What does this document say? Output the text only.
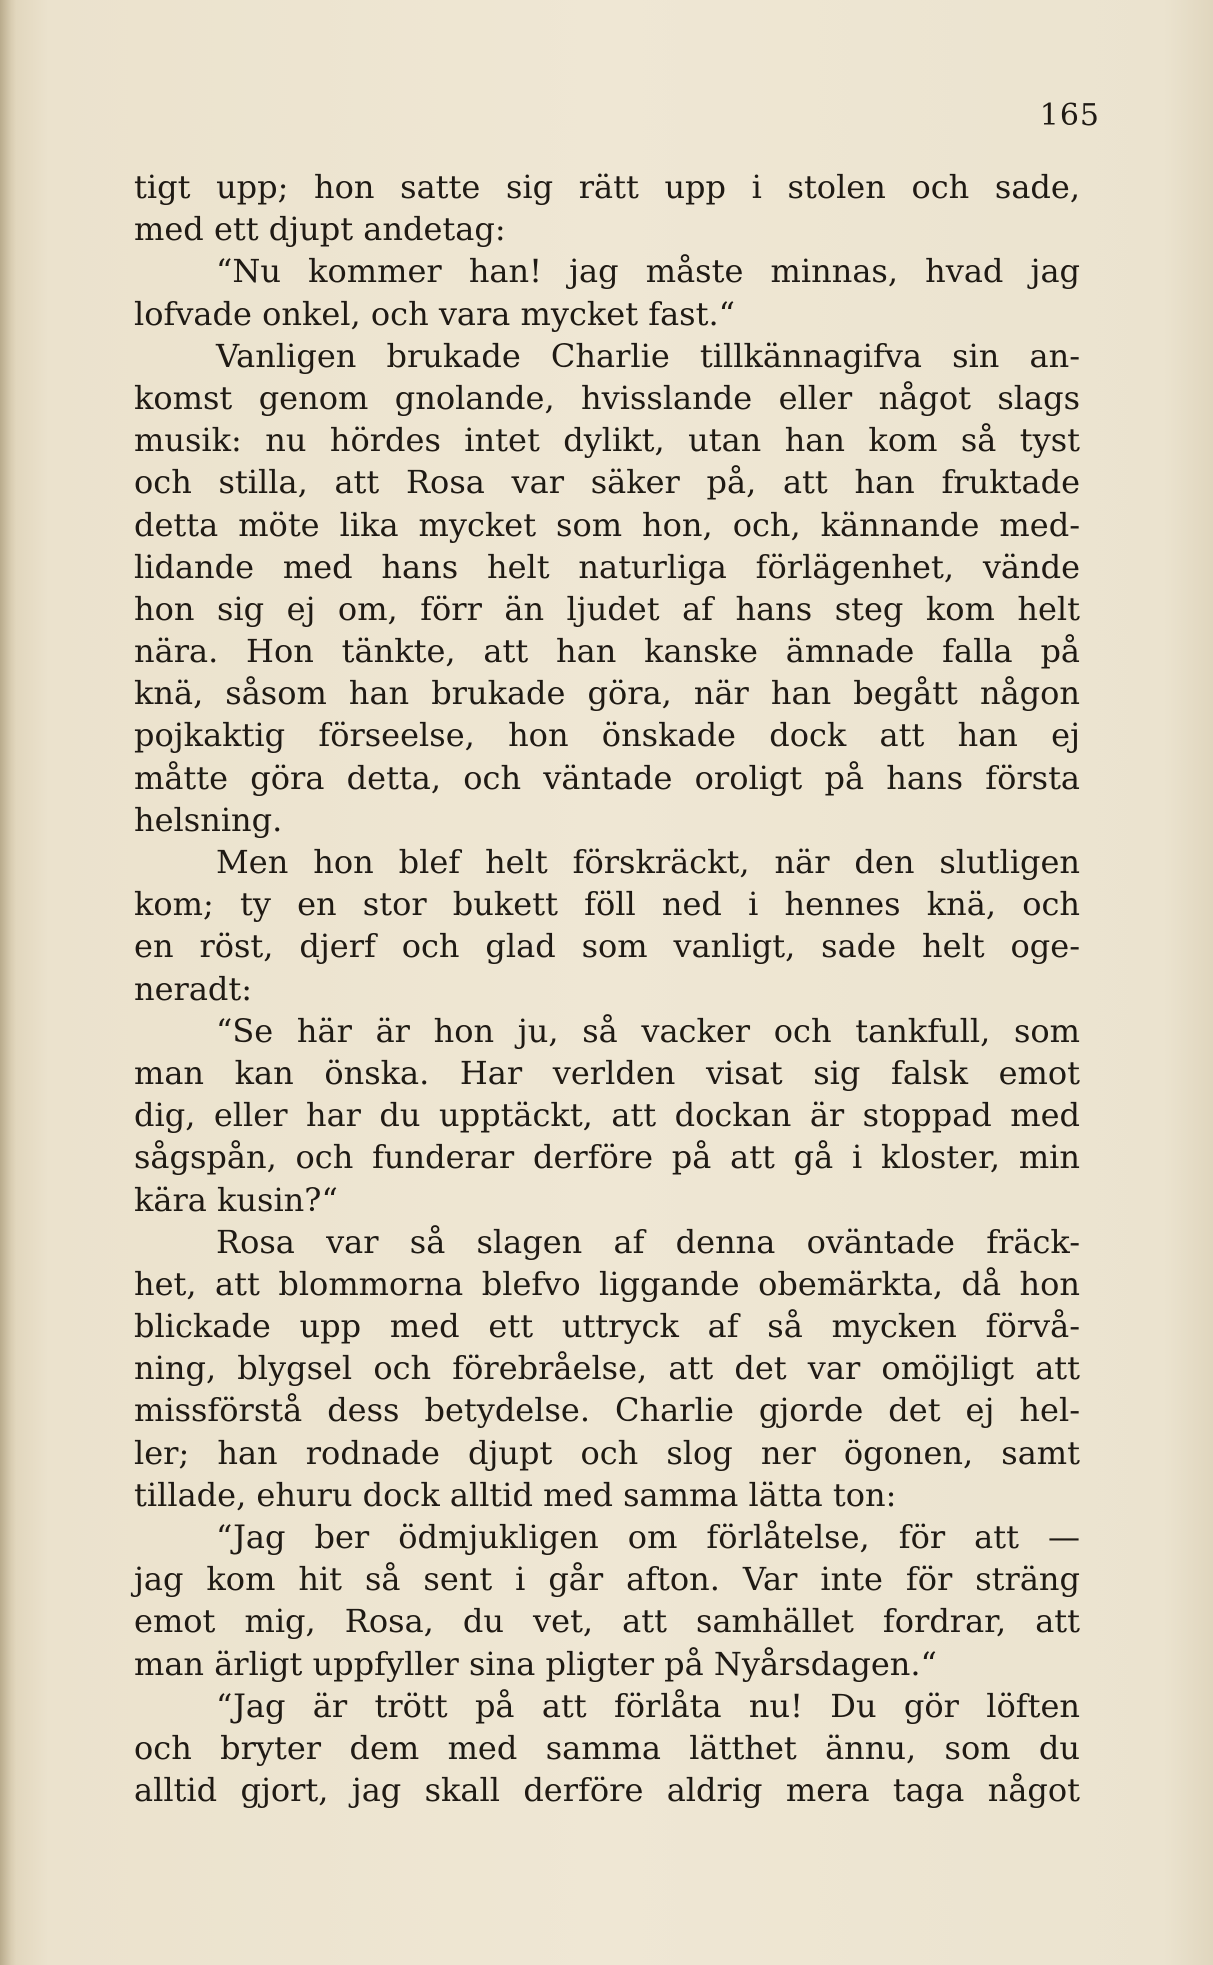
165
tigt upp; hon satte sig rätt upp i stolen och sade,
med ett djupt andetag:
“Nu kommer han! jag måste minnas, hvad jag
lofvade onkel, och vara mycket fast.“
Vanligen brukade Charlie tillkännagifva sin an-
komst genom gnolande, hvisslande eller något slags
musik: nu hördes intet dylikt, utan han kom så tyst
och stilla, att Rosa var säker på, att han fruktade
detta möte lika mycket som hon, och, kännande med-
lidande med hans helt naturliga förlägenhet, vände
hon sig ej om, förr än ljudet af hans steg kom helt
nära. Hon tänkte, att han kanske ämnade falla på
knä, såsom han brukade göra, när han begått någon
pojkaktig förseelse, hon önskade dock att han ej
måtte göra detta, och väntade oroligt på hans första
helsning.
Men hon blef helt förskräckt, när den slutligen
kom; ty en stor bukett föll ned i hennes knä, och
en röst, djerf och glad som vanligt, sade helt oge-
neradt:
“Se här är hon ju, så vacker och tankfull, som
man kan önska. Har verlden visat sig falsk emot
dig, eller har du upptäckt, att dockan är stoppad med
sågspån, och funderar derföre på att gå i kloster, min
kära kusin?“
Rosa var så slagen af denna oväntade fräck-
het, att blommorna blefvo liggande obemärkta, då hon
blickade upp med ett uttryck af så mycken förvå-
ning, blygsel och förebråelse, att det var omöjligt att
missförstå dess betydelse. Charlie gjorde det ej hel-
ler; han rodnade djupt och slog ner ögonen, samt
tillade, ehuru dock alltid med samma lätta ton:
“Jag ber ödmjukligen om förlåtelse, för att —
jag kom hit så sent i går afton. Var inte för sträng
emot mig, Rosa, du vet, att samhället fordrar, att
man ärligt uppfyller sina pligter på Nyårsdagen.“
“Jag är trött på att förlåta nu! Du gör löften
och bryter dem med samma lätthet ännu, som du
alltid gjort, jag skall derföre aldrig mera taga något
